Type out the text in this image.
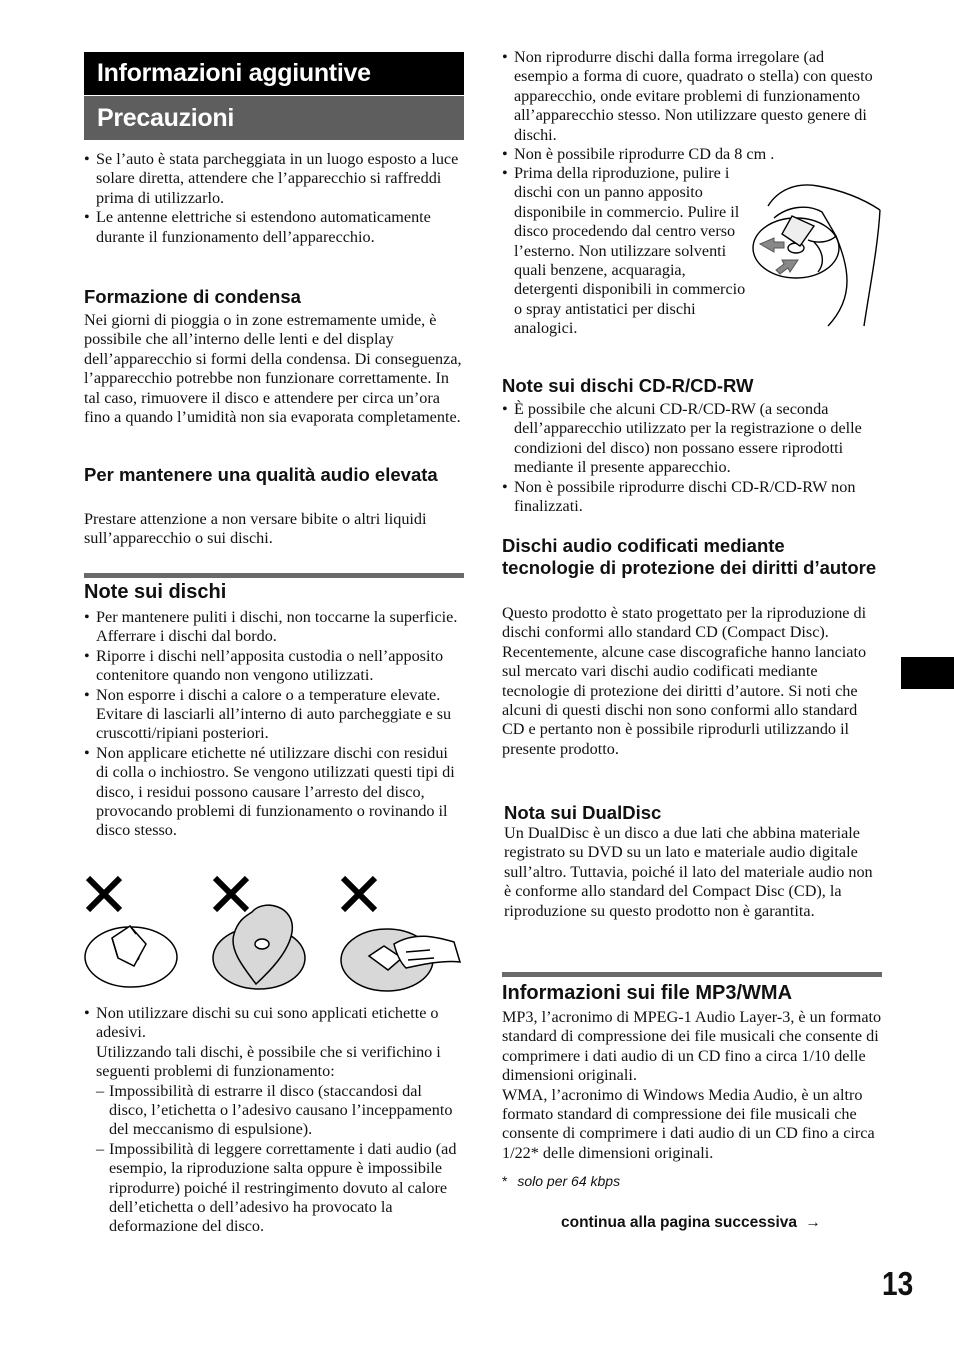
Informazioni aggiuntive
Precauzioni
• Se l’auto è stata parcheggiata in un luogo esposto a luce solare diretta, attendere che l’apparecchio si raffreddi prima di utilizzarlo.
• Le antenne elettriche si estendono automaticamente durante il funzionamento dell’apparecchio.
Formazione di condensa

Nei giorni di pioggia o in zone estremamente umide, è possibile che all’interno delle lenti e del display dell’apparecchio si formi della condensa. Di conseguenza, l’apparecchio potrebbe non funzionare correttamente. In tal caso, rimuovere il disco e attendere per circa un’ora fino a quando l’umidità non sia evaporata completamente.

Per mantenere una qualità audio elevata

Prestare attenzione a non versare bibite o altri liquidi sull’apparecchio o sui dischi.

Note sui dischi
• Per mantenere puliti i dischi, non toccarne la superficie. Afferrare i dischi dal bordo.
• Riporre i dischi nell’apposita custodia o nell’apposito contenitore quando non vengono utilizzati.
• Non esporre i dischi a calore o a temperature elevate. Evitare di lasciarli all’interno di auto parcheggiate e su cruscotti/ripiani posteriori.
• Non applicare etichette né utilizzare dischi con residui di colla o inchiostro. Se vengono utilizzati questi tipi di disco, i residui possono causare l’arresto del disco, provocando problemi di funzionamento o rovinando il disco stesso.
• Non utilizzare dischi su cui sono applicati etichette o adesivi.
Utilizzando tali dischi, è possibile che si verifichino i seguenti problemi di funzionamento:
– Impossibilità di estrarre il disco (staccandosi dal disco, l’etichetta o l’adesivo causano l’inceppamento del meccanismo di espulsione).
– Impossibilità di leggere correttamente i dati audio (ad esempio, la riproduzione salta oppure è impossibile riprodurre) poiché il restringimento dovuto al calore dell’etichetta o dell’adesivo ha provocato la deformazione del disco.
• Non riprodurre dischi dalla forma irregolare (ad esempio a forma di cuore, quadrato o stella) con questo apparecchio, onde evitare problemi di funzionamento all’apparecchio stesso. Non utilizzare questo genere di dischi.
• Non è possibile riprodurre CD da 8 cm .
• Prima della riproduzione, pulire i dischi con un panno apposito disponibile in commercio. Pulire il disco procedendo dal centro verso l’esterno. Non utilizzare solventi quali benzene, acquaragia, detergenti disponibili in commercio o spray antistatici per dischi analogici.
Note sui dischi CD-R/CD-RW
• È possibile che alcuni CD-R/CD-RW (a seconda dell’apparecchio utilizzato per la registrazione o delle condizioni del disco) non possano essere riprodotti mediante il presente apparecchio.
• Non è possibile riprodurre dischi CD-R/CD-RW non finalizzati.
Dischi audio codificati mediante tecnologie di protezione dei diritti d’autore

Questo prodotto è stato progettato per la riproduzione di dischi conformi allo standard CD (Compact Disc).

Recentemente, alcune case discografiche hanno lanciato sul mercato vari dischi audio codificati mediante tecnologie di protezione dei diritti d’autore. Si noti che alcuni di questi dischi non sono conformi allo standard CD e pertanto non è possibile riprodurli utilizzando il presente prodotto.

Nota sui DualDisc

Un DualDisc è un disco a due lati che abbina materiale registrato su DVD su un lato e materiale audio digitale sull’altro. Tuttavia, poiché il lato del materiale audio non è conforme allo standard del Compact Disc (CD), la riproduzione su questo prodotto non è garantita.

Informazioni sui file MP3/WMA

MP3, l’acronimo di MPEG-1 Audio Layer-3, è un formato standard di compressione dei file musicali che consente di comprimere i dati audio di un CD fino a circa 1/10 delle dimensioni originali.

WMA, l’acronimo di Windows Media Audio, è un altro formato standard di compressione dei file musicali che consente di comprimere i dati audio di un CD fino a circa 1/22* delle dimensioni originali.

* solo per 64 kbps
continua alla pagina successiva →
13
